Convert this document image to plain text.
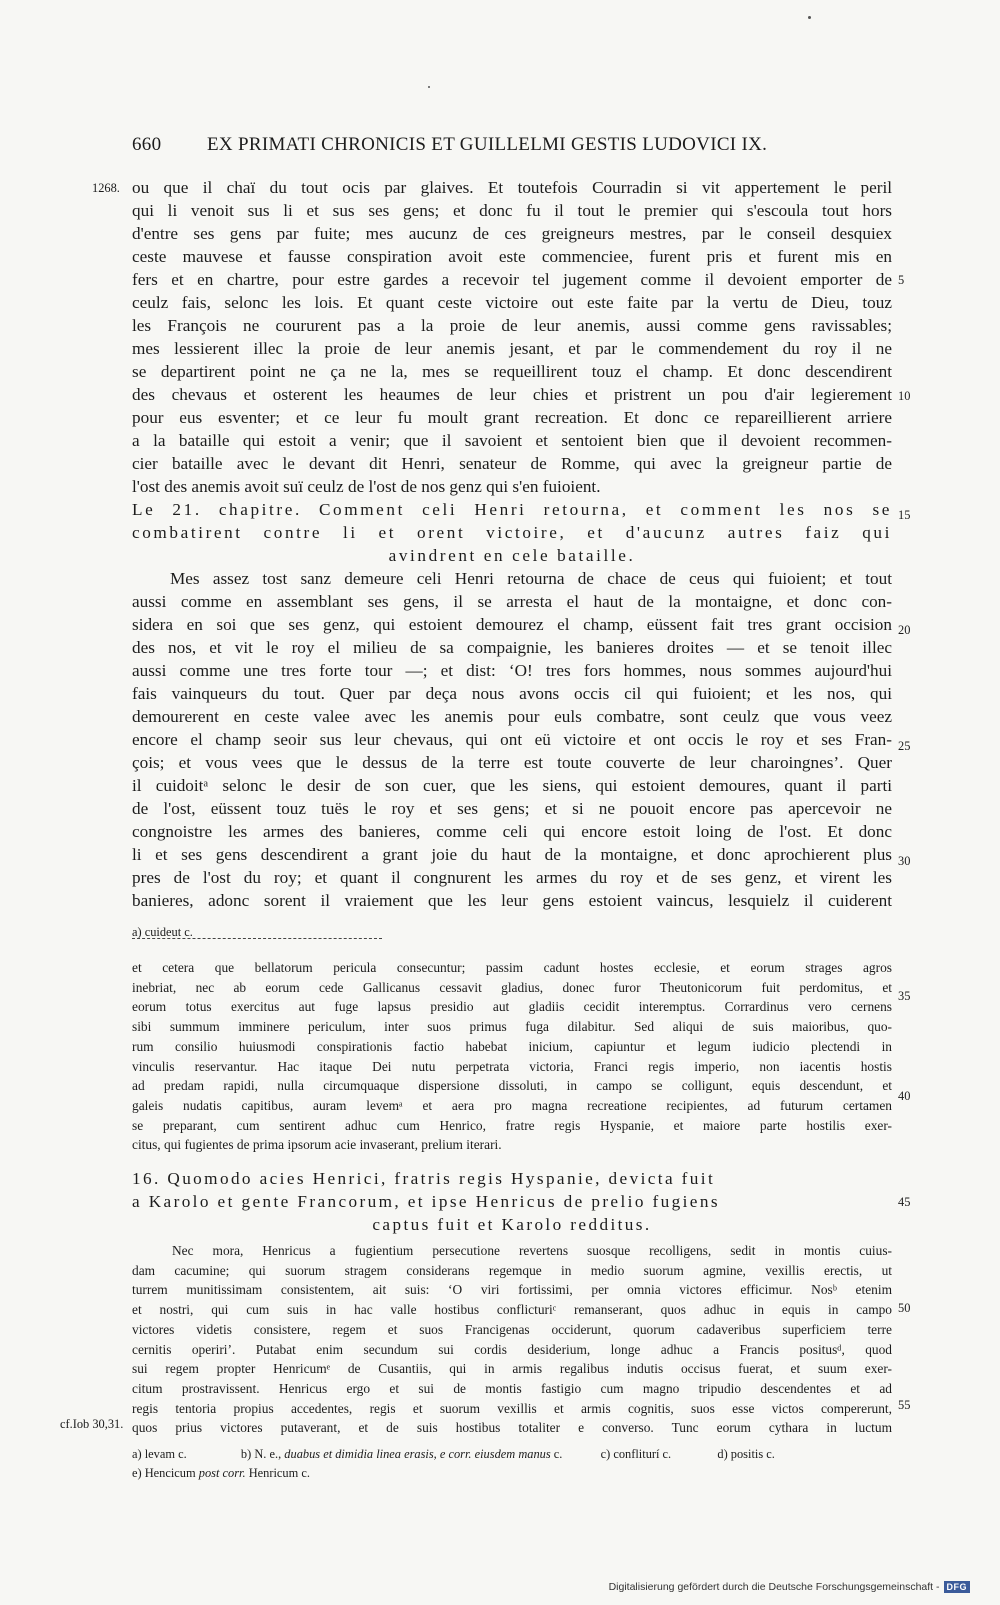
660 EX PRIMATI CHRONICIS ET GUILLELMI GESTIS LUDOVICI IX.
1268.
cf.Iob 30,31.
5
10
15
20
25
30
35
40
45
50
55
ou que il chaï du tout ocis par glaives. Et toutefois Courradin si vit appertement le peril
qui li venoit sus li et sus ses gens; et donc fu il tout le premier qui s'escoula tout hors
d'entre ses gens par fuite; mes aucunz de ces greigneurs mestres, par le conseil desquiex
ceste mauvese et fausse conspiration avoit este commenciee, furent pris et furent mis en
fers et en chartre, pour estre gardes a recevoir tel jugement comme il devoient emporter de
ceulz fais, selonc les lois. Et quant ceste victoire out este faite par la vertu de Dieu, touz
les François ne coururent pas a la proie de leur anemis, aussi comme gens ravissables;
mes lessierent illec la proie de leur anemis jesant, et par le commendement du roy il ne
se departirent point ne ça ne la, mes se requeillirent touz el champ. Et donc descendirent
des chevaus et osterent les heaumes de leur chies et pristrent un pou d'air legierement
pour eus esventer; et ce leur fu moult grant recreation. Et donc ce repareillierent arriere
a la bataille qui estoit a venir; que il savoient et sentoient bien que il devoient recommen-
cier bataille avec le devant dit Henri, senateur de Romme, qui avec la greigneur partie de
l'ost des anemis avoit suï ceulz de l'ost de nos genz qui s'en fuioient.
Le 21. chapitre. Comment celi Henri retourna, et comment les nos se
combatirent contre li et orent victoire, et d'aucunz autres faiz qui
avindrent en cele bataille.
Mes assez tost sanz demeure celi Henri retourna de chace de ceus qui fuioient; et tout
aussi comme en assemblant ses gens, il se arresta el haut de la montaigne, et donc con-
sidera en soi que ses genz, qui estoient demourez el champ, eüssent fait tres grant occision
des nos, et vit le roy el milieu de sa compaignie, les banieres droites — et se tenoit illec
aussi comme une tres forte tour —; et dist: ‘O! tres fors hommes, nous sommes aujourd'hui
fais vainqueurs du tout. Quer par deça nous avons occis cil qui fuioient; et les nos, qui
demourerent en ceste valee avec les anemis pour euls combatre, sont ceulz que vous veez
encore el champ seoir sus leur chevaus, qui ont eü victoire et ont occis le roy et ses Fran-
çois; et vous vees que le dessus de la terre est toute couverte de leur charoingnes’. Quer
il cuidoitᵃ selonc le desir de son cuer, que les siens, qui estoient demoures, quant il parti
de l'ost, eüssent touz tuës le roy et ses gens; et si ne pouoit encore pas apercevoir ne
congnoistre les armes des banieres, comme celi qui encore estoit loing de l'ost. Et donc
li et ses gens descendirent a grant joie du haut de la montaigne, et donc aprochierent plus
pres de l'ost du roy; et quant il congnurent les armes du roy et de ses genz, et virent les
banieres, adonc sorent il vraiement que les leur gens estoient vaincus, lesquielz il cuiderent
a) cuideut c.
et cetera que bellatorum pericula consecuntur; passim cadunt hostes ecclesie, et eorum strages agros
inebriat, nec ab eorum cede Gallicanus cessavit gladius, donec furor Theutonicorum fuit perdomitus, et
eorum totus exercitus aut fuge lapsus presidio aut gladiis cecidit interemptus. Corrardinus vero cernens
sibi summum imminere periculum, inter suos primus fuga dilabitur. Sed aliqui de suis maioribus, quo-
rum consilio huiusmodi conspirationis factio habebat inicium, capiuntur et legum iudicio plectendi in
vinculis reservantur. Hac itaque Dei nutu perpetrata victoria, Franci regis imperio, non iacentis hostis
ad predam rapidi, nulla circumquaque dispersione dissoluti, in campo se colligunt, equis descendunt, et
galeis nudatis capitibus, auram levemᵃ et aera pro magna recreatione recipientes, ad futurum certamen
se preparant, cum sentirent adhuc cum Henrico, fratre regis Hyspanie, et maiore parte hostilis exer-
citus, qui fugientes de prima ipsorum acie invaserant, prelium iterari.
16. Quomodo acies Henrici, fratris regis Hyspanie, devicta fuit
a Karolo et gente Francorum, et ipse Henricus de prelio fugiens
captus fuit et Karolo redditus.
Nec mora, Henricus a fugientium persecutione revertens suosque recolligens, sedit in montis cuius-
dam cacumine; qui suorum stragem considerans regemque in medio suorum agmine, vexillis erectis, ut
turrem munitissimam consistentem, ait suis: ‘O viri fortissimi, per omnia victores efficimur. Nosᵇ etenim
et nostri, qui cum suis in hac valle hostibus conflicturiᶜ remanserant, quos adhuc in equis in campo
victores videtis consistere, regem et suos Francigenas occiderunt, quorum cadaveribus superficiem terre
cernitis operiri’. Putabat enim secundum sui cordis desiderium, longe adhuc a Francis positusᵈ, quod
sui regem propter Henricumᵉ de Cusantiis, qui in armis regalibus indutis occisus fuerat, et suum exer-
citum prostravissent. Henricus ergo et sui de montis fastigio cum magno tripudio descendentes et ad
regis tentoria propius accedentes, regis et suorum vexillis et armis cognitis, suos esse victos compererunt,
quos prius victores putaverant, et de suis hostibus totaliter e converso. Tunc eorum cythara in luctum
a) levam c.	b) N. e., duabus et dimidia linea erasis, e corr. eiusdem manus c.	c) confliturí c.	d) positis c.
e) Hencicum post corr. Henricum c.
Digitalisierung gefördert durch die Deutsche Forschungsgemeinschaft - DFG
